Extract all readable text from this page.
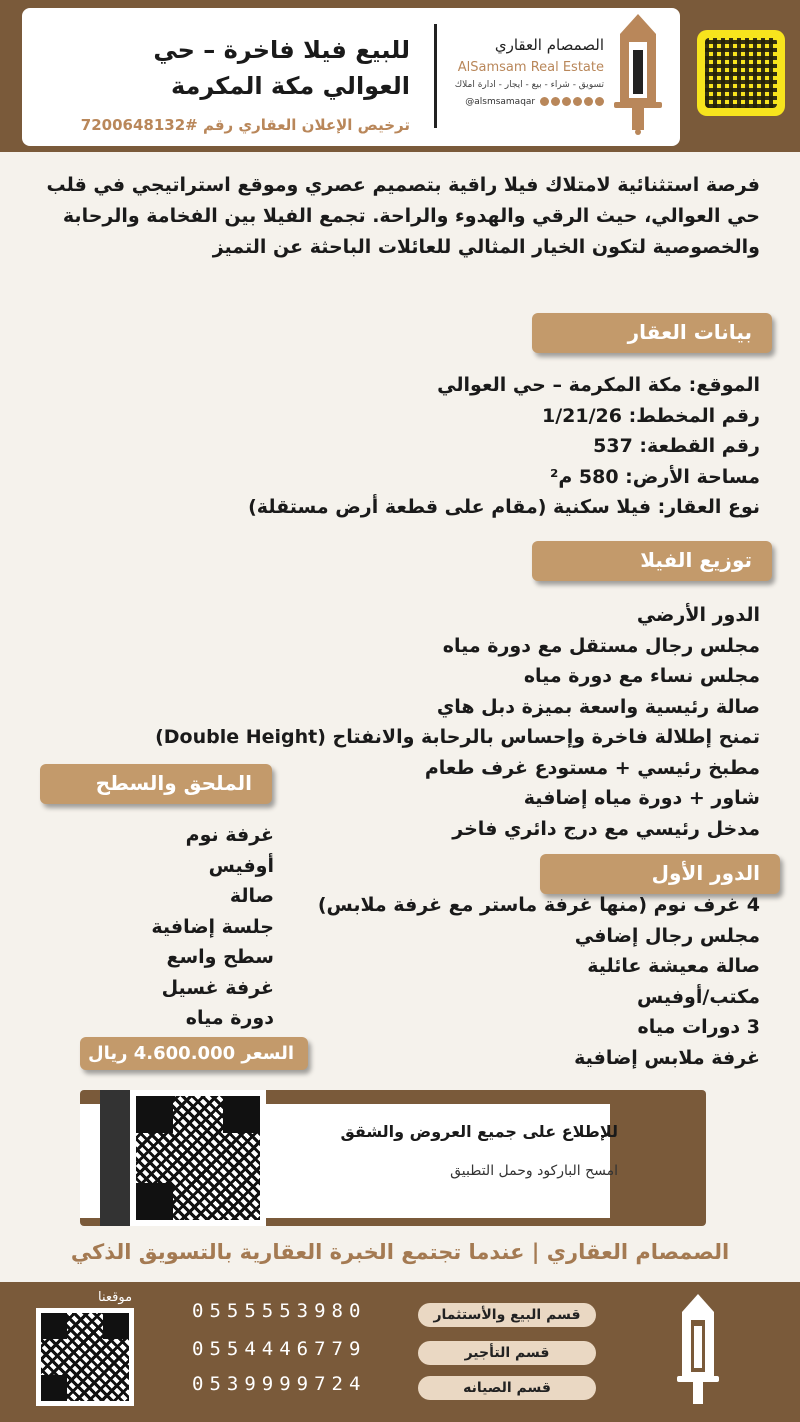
الصمصام العقاري
AlSamsam Real Estate
تسويق - شراء - بيع - ايجار - ادارة املاك
@alsmsamaqar
للبيع فيلا فاخرة – حي العوالي مكة المكرمة
ترخيص الإعلان العقاري رقم #7200648132
فرصة استثنائية لامتلاك فيلا راقية بتصميم عصري وموقع استراتيجي في قلب حي العوالي، حيث الرقي والهدوء والراحة. تجمع الفيلا بين الفخامة والرحابة والخصوصية لتكون الخيار المثالي للعائلات الباحثة عن التميز
بيانات العقار
الموقع: مكة المكرمة – حي العوالي
رقم المخطط: 1/21/26
رقم القطعة: 537
مساحة الأرض: 580 م²
نوع العقار: فيلا سكنية (مقام على قطعة أرض مستقلة)
توزيع الفيلا
الدور الأرضي
مجلس رجال مستقل مع دورة مياه
مجلس نساء مع دورة مياه
صالة رئيسية واسعة بميزة دبل هاي
تمنح إطلالة فاخرة وإحساس بالرحابة والانفتاح (Double Height)
مطبخ رئيسي + مستودع غرف طعام
شاور + دورة مياه إضافية
مدخل رئيسي مع درج دائري فاخر
الملحق والسطح
غرفة نوم
أوفيس
صالة
جلسة إضافية
سطح واسع
غرفة غسيل
دورة مياه
الدور الأول
4 غرف نوم (منها غرفة ماستر مع غرفة ملابس)
مجلس رجال إضافي
صالة معيشة عائلية
مكتب/أوفيس
3 دورات مياه
غرفة ملابس إضافية
السعر 4.600.000 ريال
للإطلاع على جميع العروض والشقق
امسح الباركود وحمل التطبيق
الصمصام العقاري | عندما تجتمع الخبرة العقارية بالتسويق الذكي
موقعنا
قسم البيع والأستثمار
0555553980
قسم التأجير
0554446779
قسم الصيانه
0539999724
